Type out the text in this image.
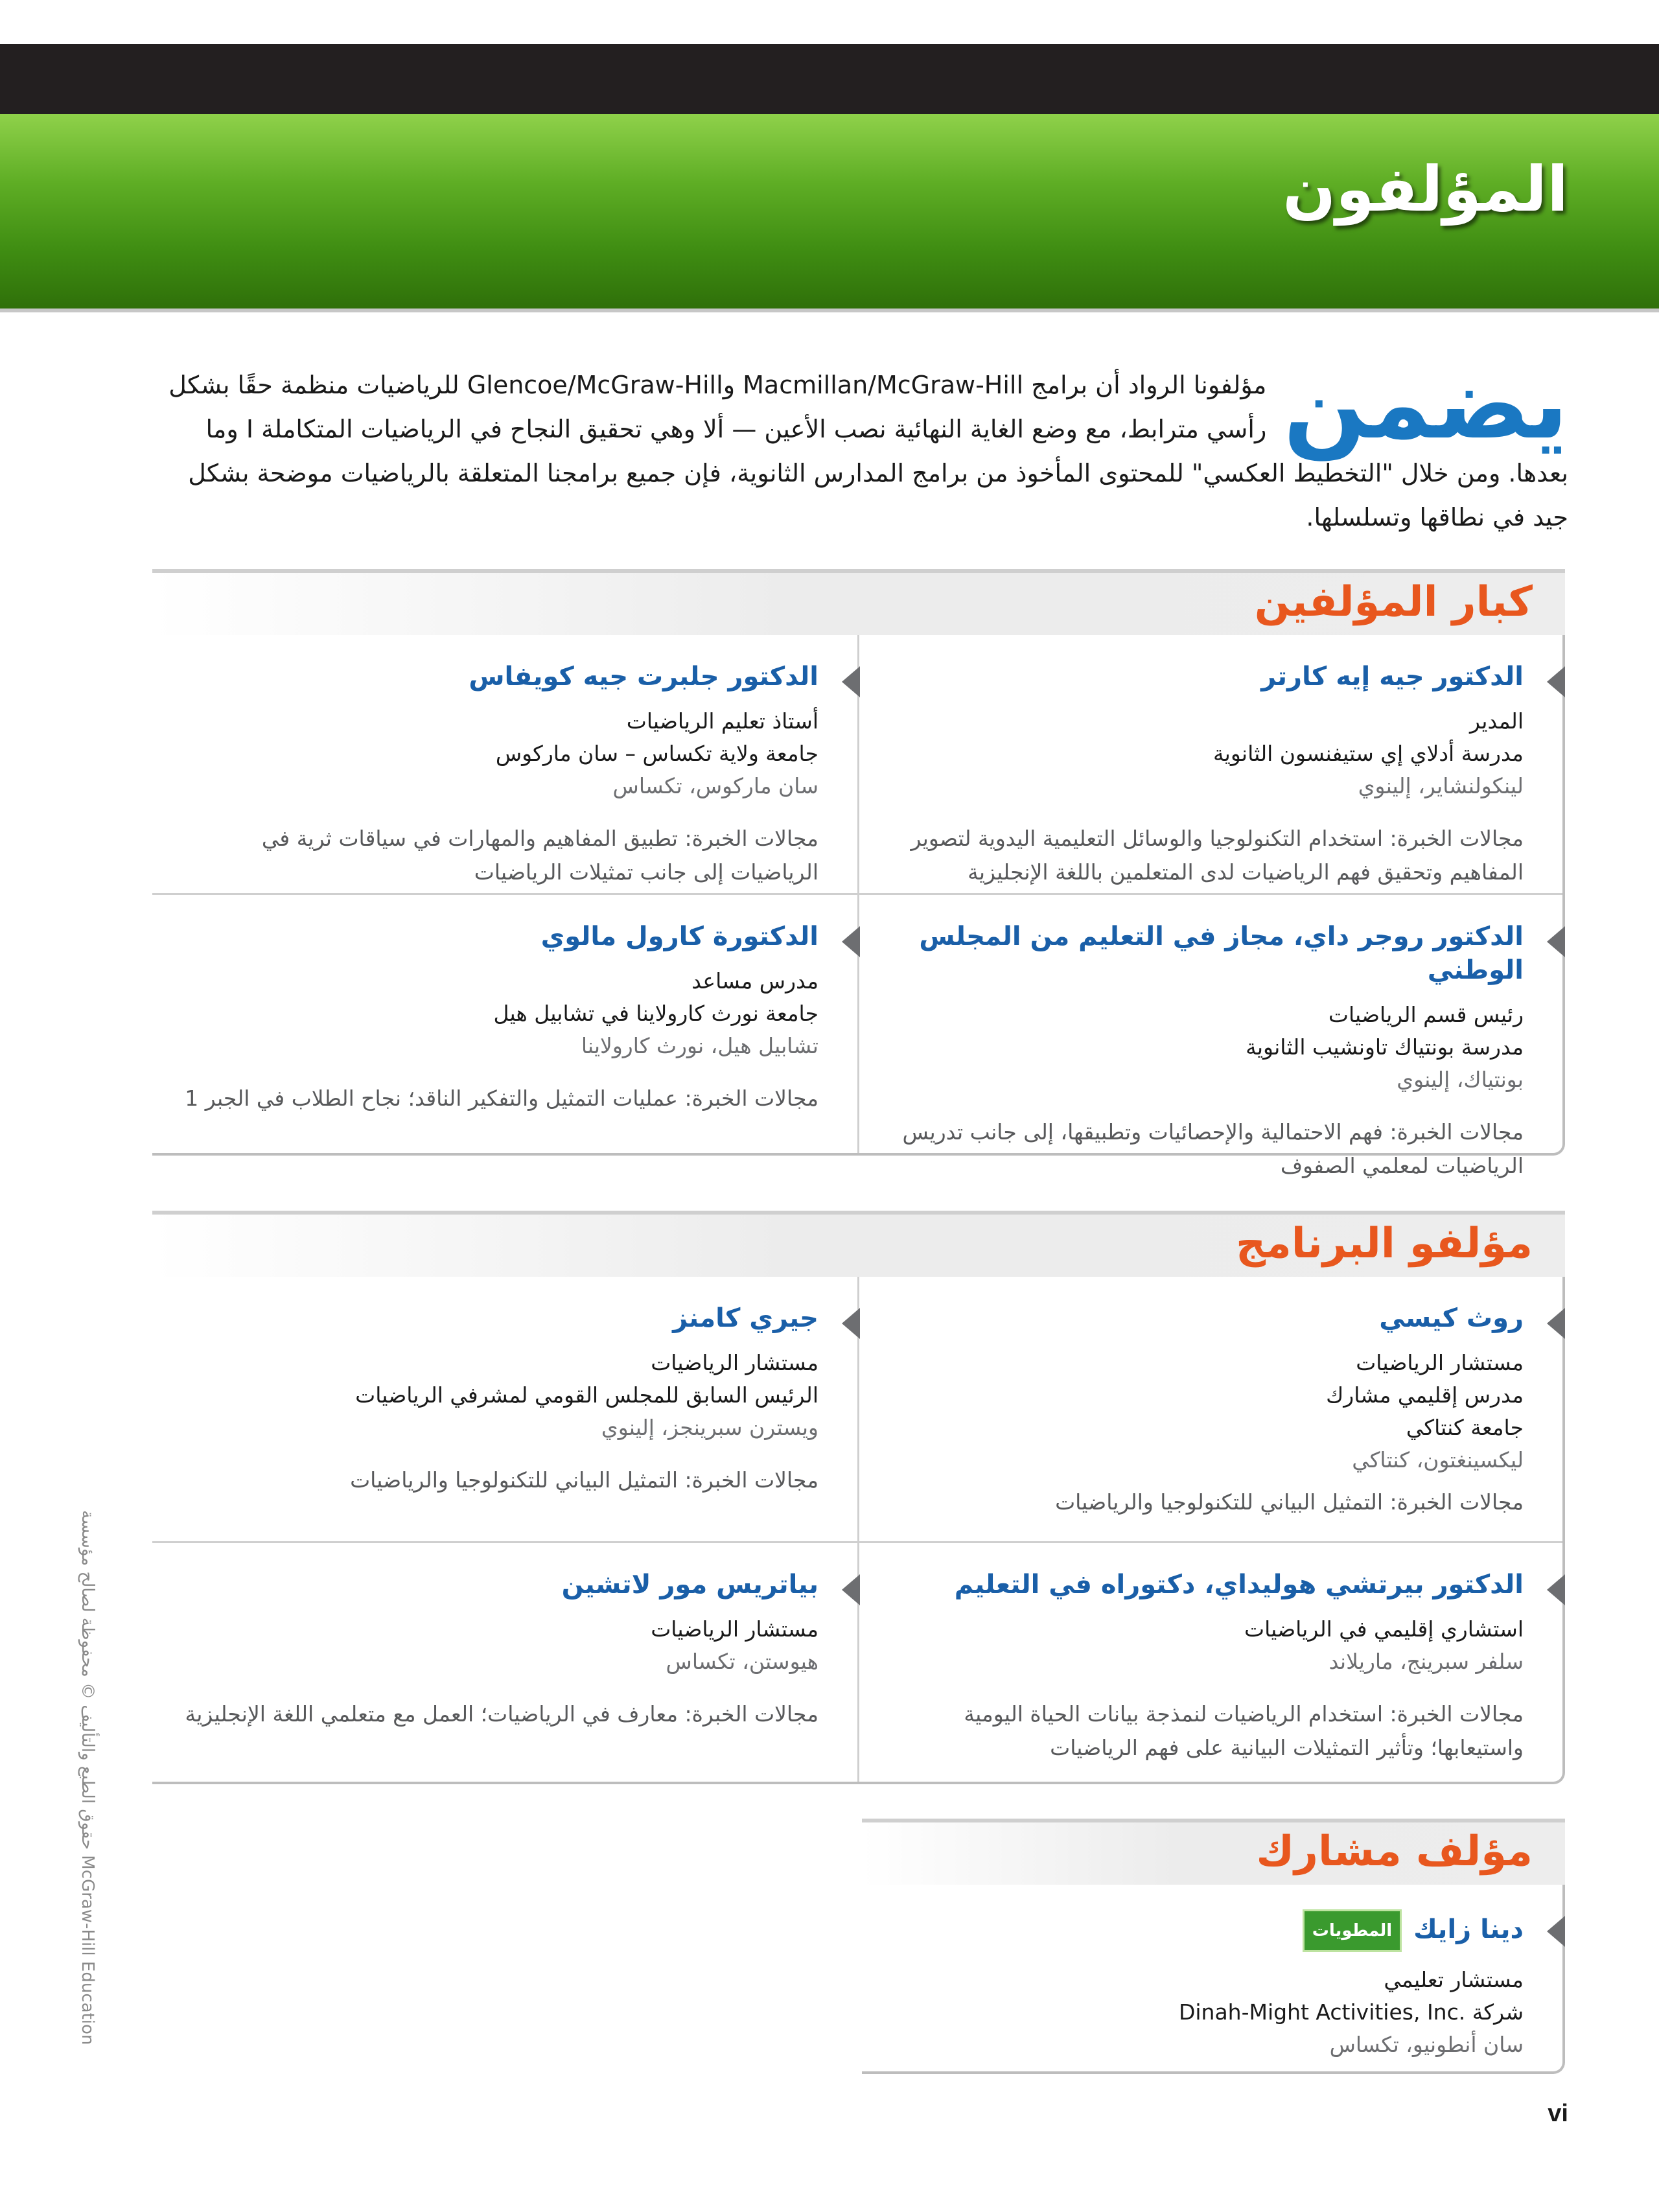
المؤلفون
يضمن

مؤلفونا الرواد أن برامج Macmillan/McGraw-Hill وGlencoe/McGraw-Hill للرياضيات منظمة حقًا بشكل رأسي مترابط، مع وضع الغاية النهائية نصب الأعين — ألا وهي تحقيق النجاح في الرياضيات المتكاملة I وما بعدها. ومن خلال "التخطيط العكسي" للمحتوى المأخوذ من برامج المدارس الثانوية، فإن جميع برامجنا المتعلقة بالرياضيات موضحة بشكل جيد في نطاقها وتسلسلها.

كبار المؤلفين

الدكتور جيه إيه كارتر

المدير

مدرسة أدلاي إي ستيفنسون الثانوية

لينكولنشاير، إلينوي

مجالات الخبرة: استخدام التكنولوجيا والوسائل التعليمية اليدوية لتصوير المفاهيم وتحقيق فهم الرياضيات لدى المتعلمين باللغة الإنجليزية

الدكتور جلبرت جيه كويفاس

أستاذ تعليم الرياضيات

جامعة ولاية تكساس – سان ماركوس

سان ماركوس، تكساس

مجالات الخبرة: تطبيق المفاهيم والمهارات في سياقات ثرية في الرياضيات إلى جانب تمثيلات الرياضيات

الدكتور روجر داي، مجاز في التعليم من المجلس الوطني

رئيس قسم الرياضيات

مدرسة بونتياك تاونشيب الثانوية

بونتياك، إلينوي

مجالات الخبرة: فهم الاحتمالية والإحصائيات وتطبيقها، إلى جانب تدريس الرياضيات لمعلمي الصفوف

الدكتورة كارول مالوي

مدرس مساعد

جامعة نورث كارولاينا في تشابيل هيل

تشابيل هيل، نورث كارولاينا

مجالات الخبرة: عمليات التمثيل والتفكير الناقد؛ نجاح الطلاب في الجبر 1

مؤلفو البرنامج

روث كيسي

مستشار الرياضيات

مدرس إقليمي مشارك

جامعة كنتاكي

ليكسينغتون، كنتاكي

مجالات الخبرة: التمثيل البياني للتكنولوجيا والرياضيات

جيري كامنز

مستشار الرياضيات

الرئيس السابق للمجلس القومي لمشرفي الرياضيات

ويسترن سبرينجز، إلينوي

مجالات الخبرة: التمثيل البياني للتكنولوجيا والرياضيات

الدكتور بيرتشي هوليداي، دكتوراه في التعليم

استشاري إقليمي في الرياضيات

سلفر سبرينج، ماريلاند

مجالات الخبرة: استخدام الرياضيات لنمذجة بيانات الحياة اليومية واستيعابها؛ وتأثير التمثيلات البيانية على فهم الرياضيات

بياتريس مور لاتشين

مستشار الرياضيات

هيوستن، تكساس

مجالات الخبرة: معارف في الرياضيات؛ العمل مع متعلمي اللغة الإنجليزية

مؤلف مشارك

دينا زايكالمطويات

مستشار تعليمي

شركة .Dinah-Might Activities, Inc

سان أنطونيو، تكساس

حقوق الطبع والتأليف © محفوظة لصالح مؤسسة McGraw-Hill Education
vi
